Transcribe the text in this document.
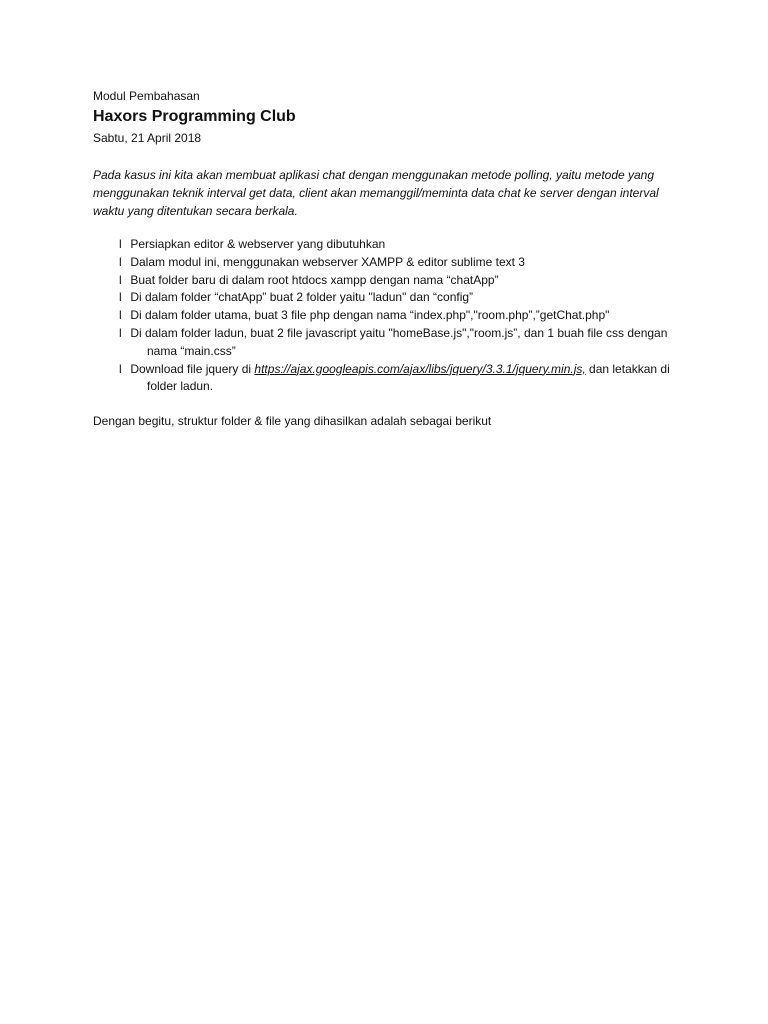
Modul Pembahasan

Haxors Programming Club

Sabtu, 21 April 2018

Pada kasus ini kita akan membuat aplikasi chat dengan menggunakan metode polling, yaitu metode yang menggunakan teknik interval get data, client akan memanggil/meminta data chat ke server dengan interval waktu yang ditentukan secara berkala.

l Persiapkan editor & webserver yang dibutuhkan
l Dalam modul ini, menggunakan webserver XAMPP & editor sublime text 3
l Buat folder baru di dalam root htdocs xampp dengan nama “chatApp”
l Di dalam folder “chatApp” buat 2 folder yaitu "ladun" dan “config”
l Di dalam folder utama, buat 3 file php dengan nama “index.php","room.php”,”getChat.php"
l Di dalam folder ladun, buat 2 file javascript yaitu "homeBase.js","room.js”, dan 1 buah file css dengan nama “main.css”
l Download file jquery di https://ajax.googleapis.com/ajax/libs/jquery/3.3.1/jquery.min.js, dan letakkan di folder ladun.

Dengan begitu, struktur folder & file yang dihasilkan adalah sebagai berikut
